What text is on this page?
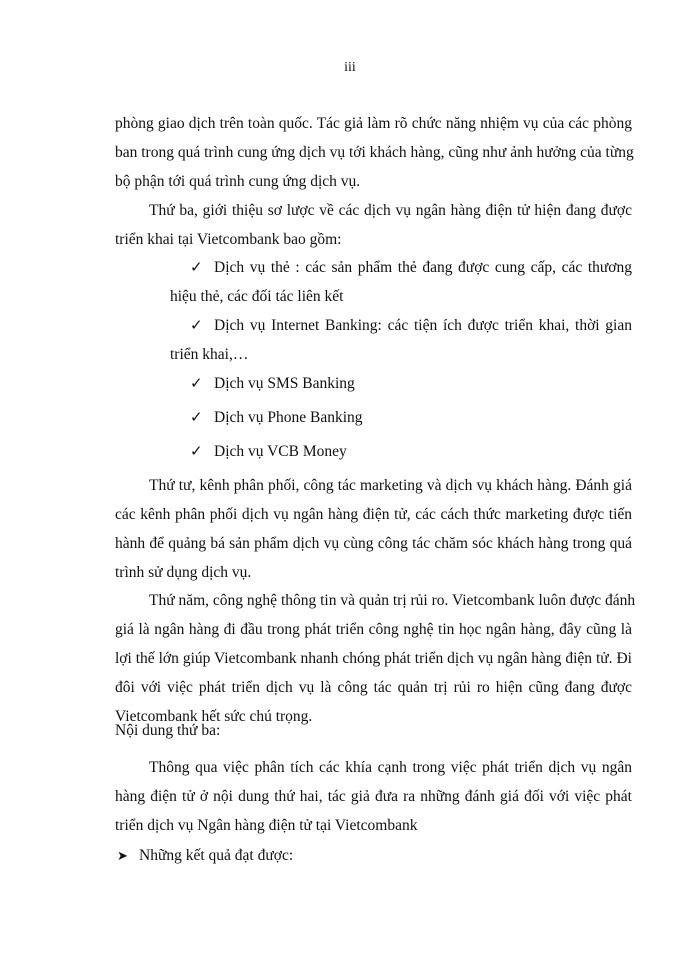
iii
phòng giao dịch trên toàn quốc. Tác giả làm rõ chức năng nhiệm vụ của các phòng
ban trong quá trình cung ứng dịch vụ tới khách hàng, cũng như ảnh hưởng của từng
bộ phận tới quá trình cung ứng dịch vụ.
Thứ ba, giới thiệu sơ lược về các dịch vụ ngân hàng điện tử hiện đang được
triển khai tại Vietcombank bao gồm:
✓ Dịch vụ thẻ : các sản phẩm thẻ đang được cung cấp, các thương
hiệu thẻ, các đối tác liên kết
✓ Dịch vụ Internet Banking: các tiện ích được triển khai, thời gian
triển khai,…
✓ Dịch vụ SMS Banking
✓ Dịch vụ Phone Banking
✓ Dịch vụ VCB Money
Thứ tư, kênh phân phối, công tác marketing và dịch vụ khách hàng. Đánh giá
các kênh phân phối dịch vụ ngân hàng điện tử, các cách thức marketing được tiến
hành để quảng bá sản phẩm dịch vụ cùng công tác chăm sóc khách hàng trong quá
trình sử dụng dịch vụ.
Thứ năm, công nghệ thông tin và quản trị rủi ro. Vietcombank luôn được đánh
giá là ngân hàng đi đầu trong phát triển công nghệ tin học ngân hàng, đây cũng là
lợi thế lớn giúp Vietcombank nhanh chóng phát triển dịch vụ ngân hàng điện tử. Đi
đôi với việc phát triển dịch vụ là công tác quản trị rủi ro hiện cũng đang được
Vietcombank hết sức chú trọng.
Nội dung thứ ba:
Thông qua việc phân tích các khía cạnh trong việc phát triển dịch vụ ngân
hàng điện tử ở nội dung thứ hai, tác giả đưa ra những đánh giá đối với việc phát
triển dịch vụ Ngân hàng điện tử tại Vietcombank
➤ Những kết quả đạt được:
